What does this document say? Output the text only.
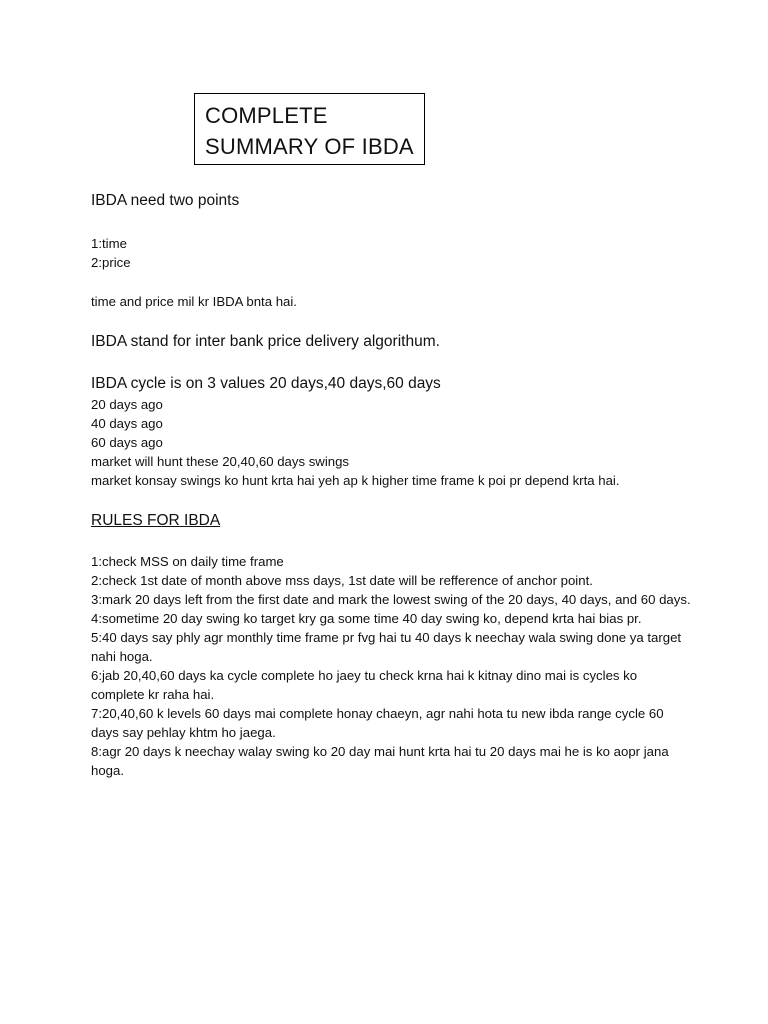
COMPLETE
SUMMARY OF IBDA

IBDA need two points

1:time

2:price

time and price mil kr IBDA bnta hai.

IBDA stand for inter bank price delivery algorithum.

IBDA cycle is on 3 values 20 days,40 days,60 days

20 days ago

40 days ago

60 days ago

market will hunt these 20,40,60 days swings

market konsay swings ko hunt krta hai yeh ap k higher time frame k poi pr depend krta hai.

RULES FOR IBDA

1:check MSS on daily time frame

2:check 1st date of month above mss days, 1st date will be refference of anchor point.

3:mark 20 days left from the first date and mark the lowest swing of the 20 days, 40 days, and 60 days.

4:sometime 20 day swing ko target kry ga some time 40 day swing ko, depend krta hai bias pr.

5:40 days say phly agr monthly time frame pr fvg hai tu 40 days k neechay wala swing done ya target nahi hoga.

6:jab 20,40,60 days ka cycle complete ho jaey tu check krna hai k kitnay dino mai is cycles ko complete kr raha hai.

7:20,40,60 k levels 60 days mai complete honay chaeyn, agr nahi hota tu new ibda range cycle 60 days say pehlay khtm ho jaega.

8:agr 20 days k neechay walay swing ko 20 day mai hunt krta hai tu 20 days mai he is ko aopr jana hoga.
